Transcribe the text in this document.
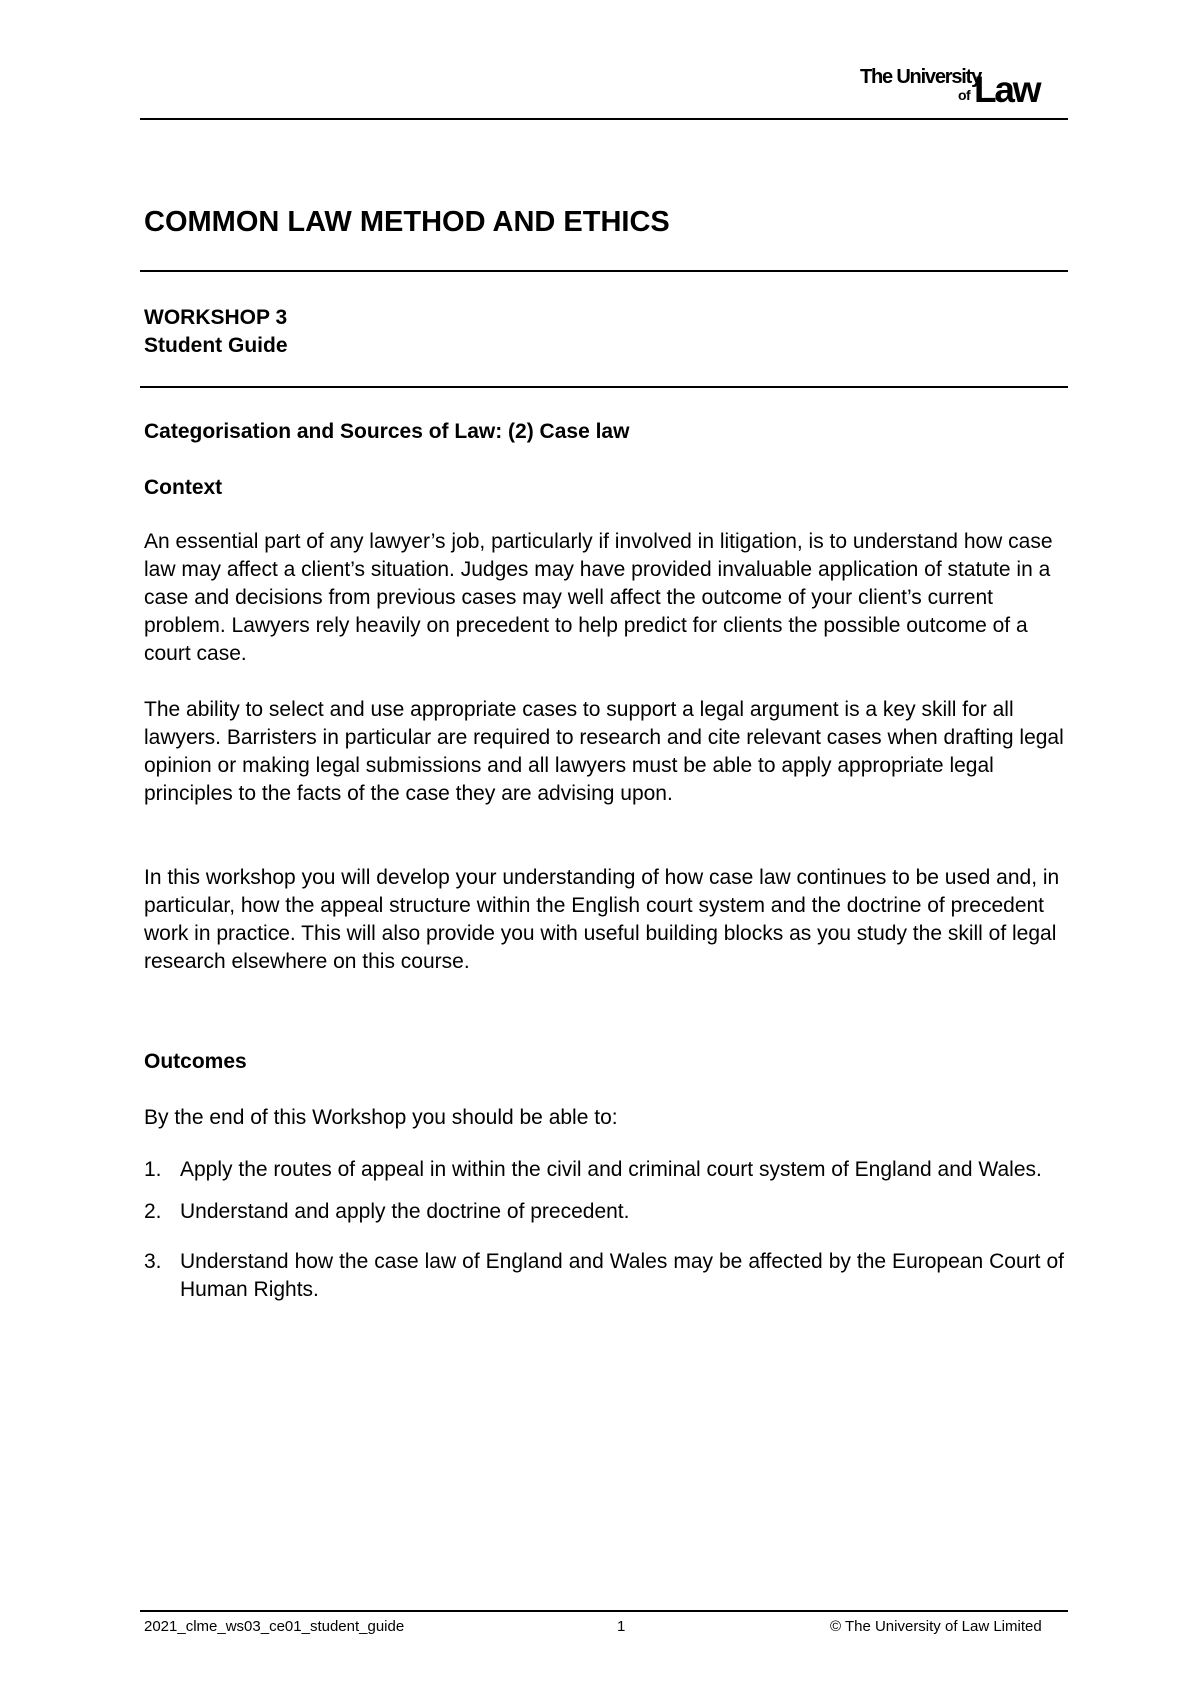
The University
of Law
COMMON LAW METHOD AND ETHICS
WORKSHOP 3
Student Guide
Categorisation and Sources of Law: (2) Case law
Context

An essential part of any lawyer’s job, particularly if involved in litigation, is to understand how case law may affect a client’s situation. Judges may have provided invaluable application of statute in a case and decisions from previous cases may well affect the outcome of your client’s current problem. Lawyers rely heavily on precedent to help predict for clients the possible outcome of a court case.

The ability to select and use appropriate cases to support a legal argument is a key skill for all lawyers. Barristers in particular are required to research and cite relevant cases when drafting legal opinion or making legal submissions and all lawyers must be able to apply appropriate legal principles to the facts of the case they are advising upon.

In this workshop you will develop your understanding of how case law continues to be used and, in particular, how the appeal structure within the English court system and the doctrine of precedent work in practice. This will also provide you with useful building blocks as you study the skill of legal research elsewhere on this course.

Outcomes

By the end of this Workshop you should be able to:

1. Apply the routes of appeal in within the civil and criminal court system of England and Wales.
2. Understand and apply the doctrine of precedent.
3. Understand how the case law of England and Wales may be affected by the European Court of Human Rights.
2021_clme_ws03_ce01_student_guide	1	© The University of Law Limited
